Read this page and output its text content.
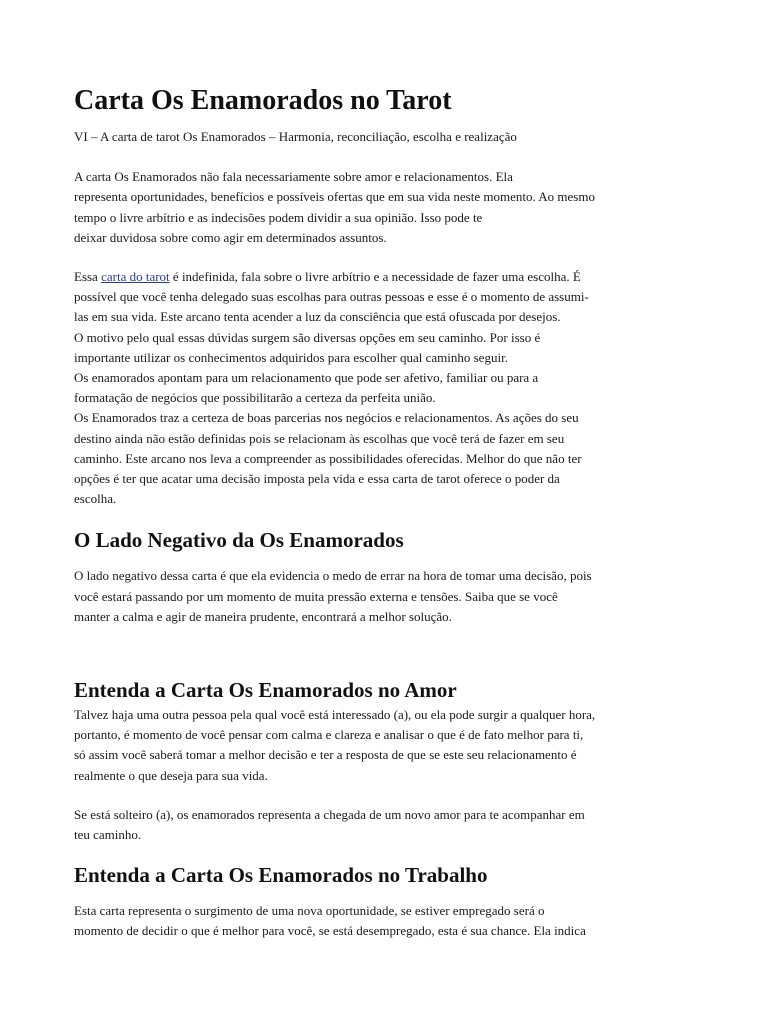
Carta Os Enamorados no Tarot

VI – A carta de tarot Os Enamorados – Harmonia, reconciliação, escolha e realização

A carta Os Enamorados não fala necessariamente sobre amor e relacionamentos. Ela
representa oportunidades, benefícios e possíveis ofertas que em sua vida neste momento. Ao mesmo
tempo o livre arbítrio e as indecisões podem dividir a sua opinião. Isso pode te
deixar duvidosa sobre como agir em determinados assuntos.

Essa carta do tarot é indefinida, fala sobre o livre arbítrio e a necessidade de fazer uma escolha. É
possível que você tenha delegado suas escolhas para outras pessoas e esse é o momento de assumi-
las em sua vida. Este arcano tenta acender a luz da consciência que está ofuscada por desejos.
O motivo pelo qual essas dúvidas surgem são diversas opções em seu caminho. Por isso é
importante utilizar os conhecimentos adquiridos para escolher qual caminho seguir.
Os enamorados apontam para um relacionamento que pode ser afetivo, familiar ou para a
formatação de negócios que possibilitarão a certeza da perfeita união.
Os Enamorados traz a certeza de boas parcerias nos negócios e relacionamentos. As ações do seu
destino ainda não estão definidas pois se relacionam às escolhas que você terá de fazer em seu
caminho. Este arcano nos leva a compreender as possibilidades oferecidas. Melhor do que não ter
opções é ter que acatar uma decisão imposta pela vida e essa carta de tarot oferece o poder da
escolha.

O Lado Negativo da Os Enamorados

O lado negativo dessa carta é que ela evidencia o medo de errar na hora de tomar uma decisão, pois
você estará passando por um momento de muita pressão externa e tensões. Saiba que se você
manter a calma e agir de maneira prudente, encontrará a melhor solução.

Entenda a Carta Os Enamorados no Amor

Talvez haja uma outra pessoa pela qual você está interessado (a), ou ela pode surgir a qualquer hora,
portanto, é momento de você pensar com calma e clareza e analisar o que é de fato melhor para ti,
só assim você saberá tomar a melhor decisão e ter a resposta de que se este seu relacionamento é
realmente o que deseja para sua vida.

Se está solteiro (a), os enamorados representa a chegada de um novo amor para te acompanhar em
teu caminho.

Entenda a Carta Os Enamorados no Trabalho

Esta carta representa o surgimento de uma nova oportunidade, se estiver empregado será o
momento de decidir o que é melhor para você, se está desempregado, esta é sua chance. Ela indica
